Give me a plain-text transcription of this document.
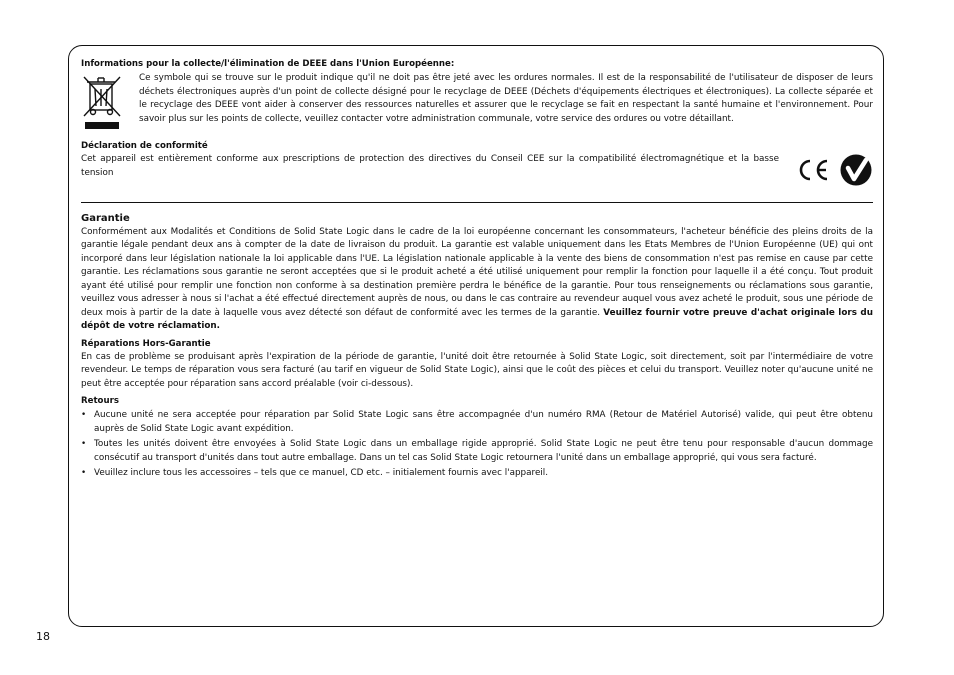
Informations pour la collecte/l'élimination de DEEE dans l'Union Européenne:

Ce symbole qui se trouve sur le produit indique qu'il ne doit pas être jeté avec les ordures normales. Il est de la responsabilité de l'utilisateur de disposer de leurs déchets électroniques auprès d'un point de collecte désigné pour le recyclage de DEEE (Déchets d'équipements électriques et électroniques). La collecte séparée et le recyclage des DEEE vont aider à conserver des ressources naturelles et assurer que le recyclage se fait en respectant la santé humaine et l'environnement. Pour savoir plus sur les points de collecte, veuillez contacter votre administration communale, votre service des ordures ou votre détaillant.

Déclaration de conformité

Cet appareil est entièrement conforme aux prescriptions de protection des directives du Conseil CEE sur la compatibilité électromagnétique et la basse tension

Garantie

Conformément aux Modalités et Conditions de Solid State Logic dans le cadre de la loi européenne concernant les consommateurs, l'acheteur bénéficie des pleins droits de la garantie légale pendant deux ans à compter de la date de livraison du produit. La garantie est valable uniquement dans les Etats Membres de l'Union Européenne (UE) qui ont incorporé dans leur législation nationale la loi applicable dans l'UE. La législation nationale applicable à la vente des biens de consommation n'est pas remise en cause par cette garantie. Les réclamations sous garantie ne seront acceptées que si le produit acheté a été utilisé uniquement pour remplir la fonction pour laquelle il a été conçu. Tout produit ayant été utilisé pour remplir une fonction non conforme à sa destination première perdra le bénéfice de la garantie. Pour tous renseignements ou réclamations sous garantie, veuillez vous adresser à nous si l'achat a été effectué directement auprès de nous, ou dans le cas contraire au revendeur auquel vous avez acheté le produit, sous une période de deux mois à partir de la date à laquelle vous avez détecté son défaut de conformité avec les termes de la garantie. Veuillez fournir votre preuve d'achat originale lors du dépôt de votre réclamation.

Réparations Hors-Garantie

En cas de problème se produisant après l'expiration de la période de garantie, l'unité doit être retournée à Solid State Logic, soit directement, soit par l'intermédiaire de votre revendeur. Le temps de réparation vous sera facturé (au tarif en vigueur de Solid State Logic), ainsi que le coût des pièces et celui du transport. Veuillez noter qu'aucune unité ne peut être acceptée pour réparation sans accord préalable (voir ci-dessous).

Retours

• Aucune unité ne sera acceptée pour réparation par Solid State Logic sans être accompagnée d'un numéro RMA (Retour de Matériel Autorisé) valide, qui peut être obtenu auprès de Solid State Logic avant expédition.
• Toutes les unités doivent être envoyées à Solid State Logic dans un emballage rigide approprié. Solid State Logic ne peut être tenu pour responsable d'aucun dommage consécutif au transport d'unités dans tout autre emballage. Dans un tel cas Solid State Logic retournera l'unité dans un emballage approprié, qui vous sera facturé.
• Veuillez inclure tous les accessoires – tels que ce manuel, CD etc. – initialement fournis avec l'appareil.
18
